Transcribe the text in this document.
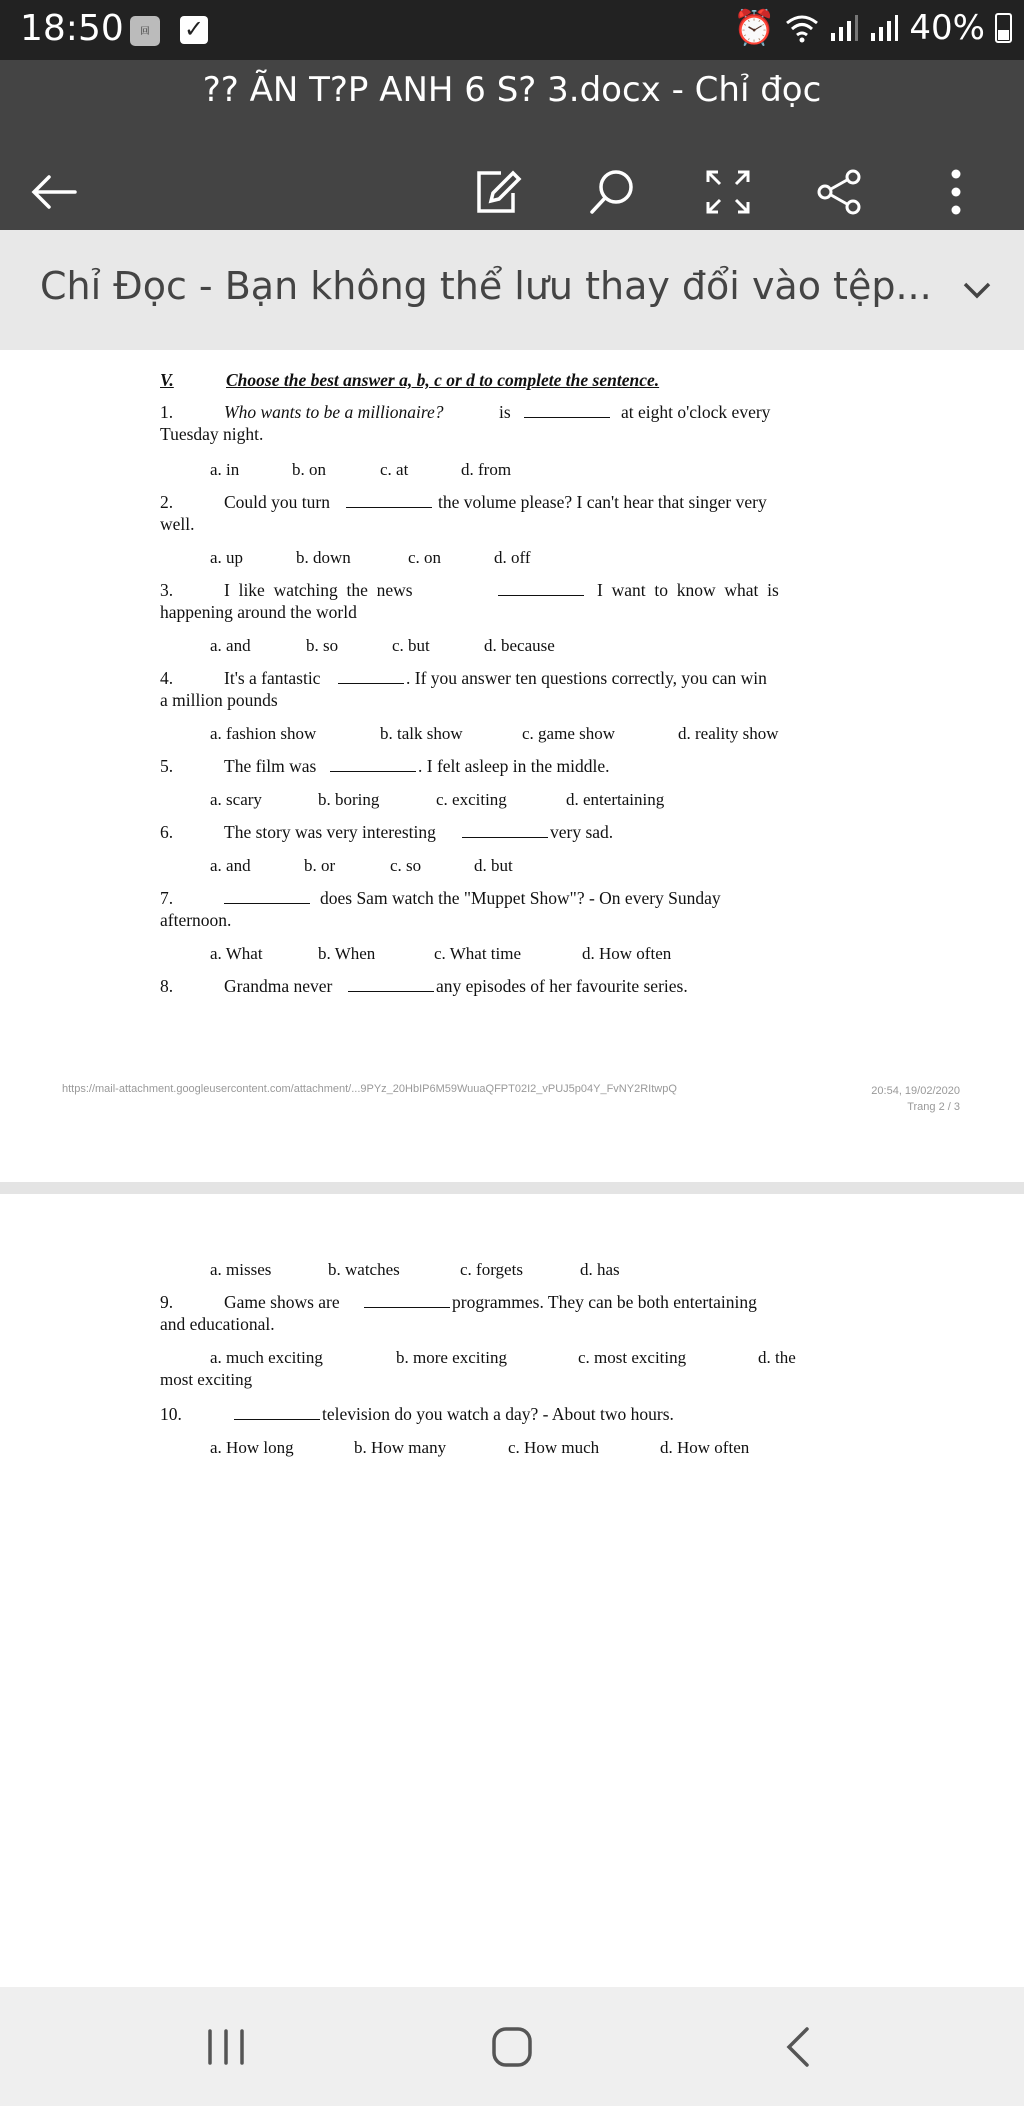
18:50	回	✓	⏰	40%
?? ÃN T?P ANH 6 S? 3.docx - Chỉ đọc
Chỉ Đọc - Bạn không thể lưu thay đổi vào tệp...
V.	Choose the best answer a, b, c or d to complete the sentence.
1.	Who wants to be a millionaire?	is	at eight o'clock every
Tuesday night.
a. in	b. on	c. at	d. from
2.	Could you turn	the volume please? I can't hear that singer very
well.
a. up	b. down	c. on	d. off
3.	I  like  watching  the  news	I  want  to  know  what  is
happening around the world
a. and	b. so	c. but	d. because
4.	It's a fantastic	. If you answer ten questions correctly, you can win
a million pounds
a. fashion show	b. talk show	c. game show	d. reality show
5.	The film was	. I felt asleep in the middle.
a. scary	b. boring	c. exciting	d. entertaining
6.	The story was very interesting	very sad.
a. and	b. or	c. so	d. but
7.	does Sam watch the "Muppet Show"? - On every Sunday
afternoon.
a. What	b. When	c. What time	d. How often
8.	Grandma never	any episodes of her favourite series.
https://mail-attachment.googleusercontent.com/attachment/...9PYz_20HbIP6M59WuuaQFPT02I2_vPUJ5p04Y_FvNY2RItwpQ	20:54, 19/02/2020
Trang 2 / 3
a. misses	b. watches	c. forgets	d. has
9.	Game shows are	programmes. They can be both entertaining
and educational.
a. much exciting	b. more exciting	c. most exciting	d. the
most exciting
10.	television do you watch a day? - About two hours.
a. How long	b. How many	c. How much	d. How often
